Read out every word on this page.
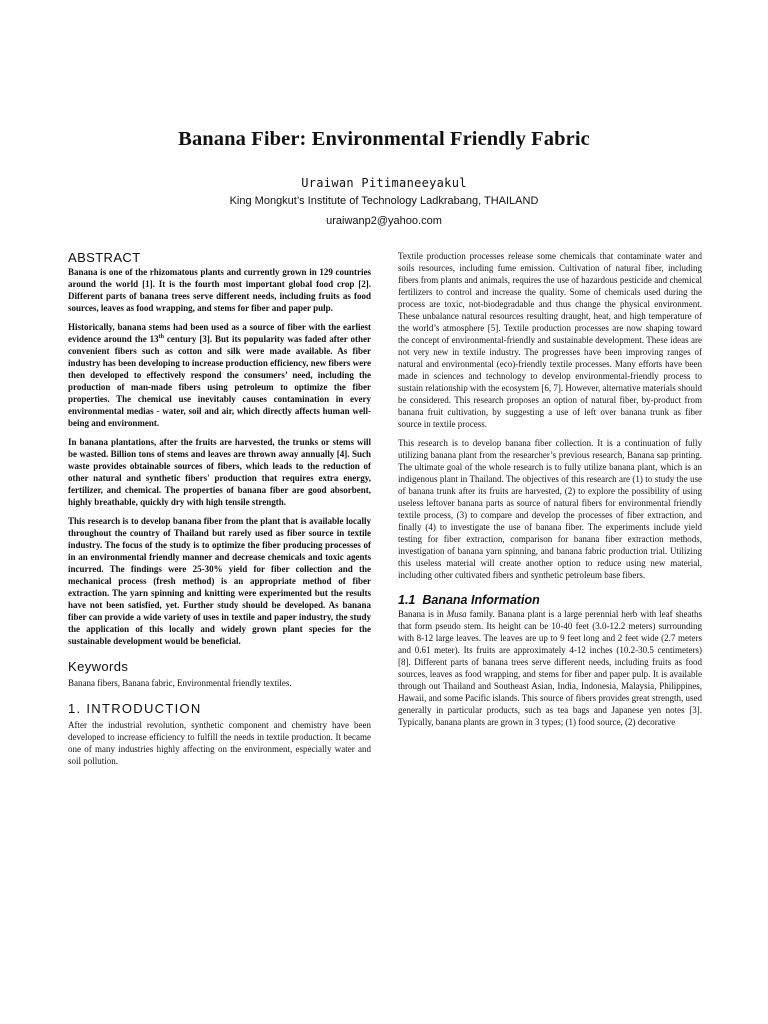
Banana Fiber: Environmental Friendly Fabric
Uraiwan Pitimaneeyakul
King Mongkut’s Institute of Technology Ladkrabang, THAILAND
uraiwanp2@yahoo.com
ABSTRACT

Banana is one of the rhizomatous plants and currently grown in 129 countries around the world [1]. It is the fourth most important global food crop [2]. Different parts of banana trees serve different needs, including fruits as food sources, leaves as food wrapping, and stems for fiber and paper pulp.

Historically, banana stems had been used as a source of fiber with the earliest evidence around the 13th century [3]. But its popularity was faded after other convenient fibers such as cotton and silk were made available. As fiber industry has been developing to increase production efficiency, new fibers were then developed to effectively respond the consumers’ need, including the production of man-made fibers using petroleum to optimize the fiber properties. The chemical use inevitably causes contamination in every environmental medias - water, soil and air, which directly affects human well-being and environment.

In banana plantations, after the fruits are harvested, the trunks or stems will be wasted. Billion tons of stems and leaves are thrown away annually [4]. Such waste provides obtainable sources of fibers, which leads to the reduction of other natural and synthetic fibers' production that requires extra energy, fertilizer, and chemical. The properties of banana fiber are good absorbent, highly breathable, quickly dry with high tensile strength.

This research is to develop banana fiber from the plant that is available locally throughout the country of Thailand but rarely used as fiber source in textile industry. The focus of the study is to optimize the fiber producing processes of in an environmental friendly manner and decrease chemicals and toxic agents incurred. The findings were 25-30% yield for fiber collection and the mechanical process (fresh method) is an appropriate method of fiber extraction. The yarn spinning and knitting were experimented but the results have not been satisfied, yet. Further study should be developed. As banana fiber can provide a wide variety of uses in textile and paper industry, the study the application of this locally and widely grown plant species for the sustainable development would be beneficial.

Keywords

Banana fibers, Banana fabric, Environmental friendly textiles.

1. INTRODUCTION

After the industrial revolution, synthetic component and chemistry have been developed to increase efficiency to fulfill the needs in textile production. It became one of many industries highly affecting on the environment, especially water and soil pollution.

Textile production processes release some chemicals that contaminate water and soils resources, including fume emission. Cultivation of natural fiber, including fibers from plants and animals, requires the use of hazardous pesticide and chemical fertilizers to control and increase the quality. Some of chemicals used during the process are toxic, not-biodegradable and thus change the physical environment. These unbalance natural resources resulting draught, heat, and high temperature of the world’s atmosphere [5]. Textile production processes are now shaping toward the concept of environmental-friendly and sustainable development. These ideas are not very new in textile industry. The progresses have been improving ranges of natural and environmental (eco)-friendly textile processes. Many efforts have been made in sciences and technology to develop environmental-friendly process to sustain relationship with the ecosystem [6, 7]. However, alternative materials should be considered. This research proposes an option of natural fiber, by-product from banana fruit cultivation, by suggesting a use of left over banana trunk as fiber source in textile process.

This research is to develop banana fiber collection. It is a continuation of fully utilizing banana plant from the researcher’s previous research, Banana sap printing. The ultimate goal of the whole research is to fully utilize banana plant, which is an indigenous plant in Thailand. The objectives of this research are (1) to study the use of banana trunk after its fruits are harvested, (2) to explore the possibility of using useless leftover banana parts as source of natural fibers for environmental friendly textile process, (3) to compare and develop the processes of fiber extraction, and finally (4) to investigate the use of banana fiber. The experiments include yield testing for fiber extraction, comparison for banana fiber extraction methods, investigation of banana yarn spinning, and banana fabric production trial. Utilizing this useless material will create another option to reduce using new material, including other cultivated fibers and synthetic petroleum base fibers.

1.1 Banana Information

Banana is in Musa family. Banana plant is a large perennial herb with leaf sheaths that form pseudo stem. Its height can be 10-40 feet (3.0-12.2 meters) surrounding with 8-12 large leaves. The leaves are up to 9 feet long and 2 feet wide (2.7 meters and 0.61 meter). Its fruits are approximately 4-12 inches (10.2-30.5 centimeters) [8]. Different parts of banana trees serve different needs, including fruits as food sources, leaves as food wrapping, and stems for fiber and paper pulp. It is available through out Thailand and Southeast Asian, India, Indonesia, Malaysia, Philippines, Hawaii, and some Pacific islands. This source of fibers provides great strength, used generally in particular products, such as tea bags and Japanese yen notes [3]. Typically, banana plants are grown in 3 types; (1) food source, (2) decorative
